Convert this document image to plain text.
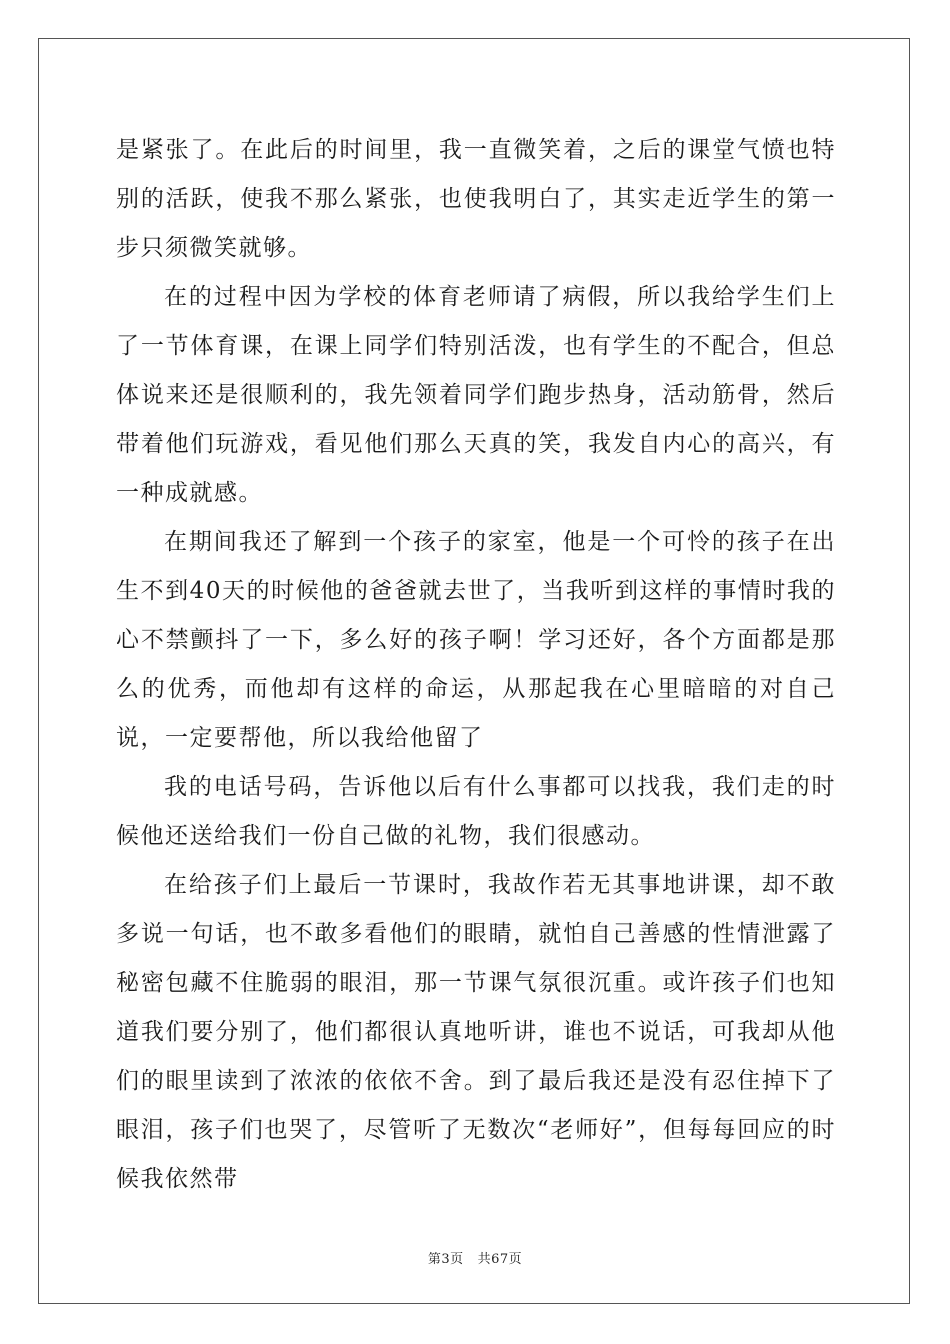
是紧张了。在此后的时间里，我一直微笑着，之后的课堂气愤也特别的活跃，使我不那么紧张，也使我明白了，其实走近学生的第一步只须微笑就够。

在的过程中因为学校的体育老师请了病假，所以我给学生们上了一节体育课，在课上同学们特别活泼，也有学生的不配合，但总体说来还是很顺利的，我先领着同学们跑步热身，活动筋骨，然后带着他们玩游戏，看见他们那么天真的笑，我发自内心的高兴，有一种成就感。

在期间我还了解到一个孩子的家室，他是一个可怜的孩子在出生不到40天的时候他的爸爸就去世了，当我听到这样的事情时我的心不禁颤抖了一下，多么好的孩子啊！学习还好，各个方面都是那么的优秀，而他却有这样的命运，从那起我在心里暗暗的对自己说，一定要帮他，所以我给他留了

我的电话号码，告诉他以后有什么事都可以找我，我们走的时候他还送给我们一份自己做的礼物，我们很感动。

在给孩子们上最后一节课时，我故作若无其事地讲课，却不敢多说一句话，也不敢多看他们的眼睛，就怕自己善感的性情泄露了秘密包藏不住脆弱的眼泪，那一节课气氛很沉重。或许孩子们也知道我们要分别了，他们都很认真地听讲，谁也不说话，可我却从他们的眼里读到了浓浓的依依不舍。到了最后我还是没有忍住掉下了眼泪，孩子们也哭了，尽管听了无数次“老师好”，但每每回应的时候我依然带

第3页 共67页
